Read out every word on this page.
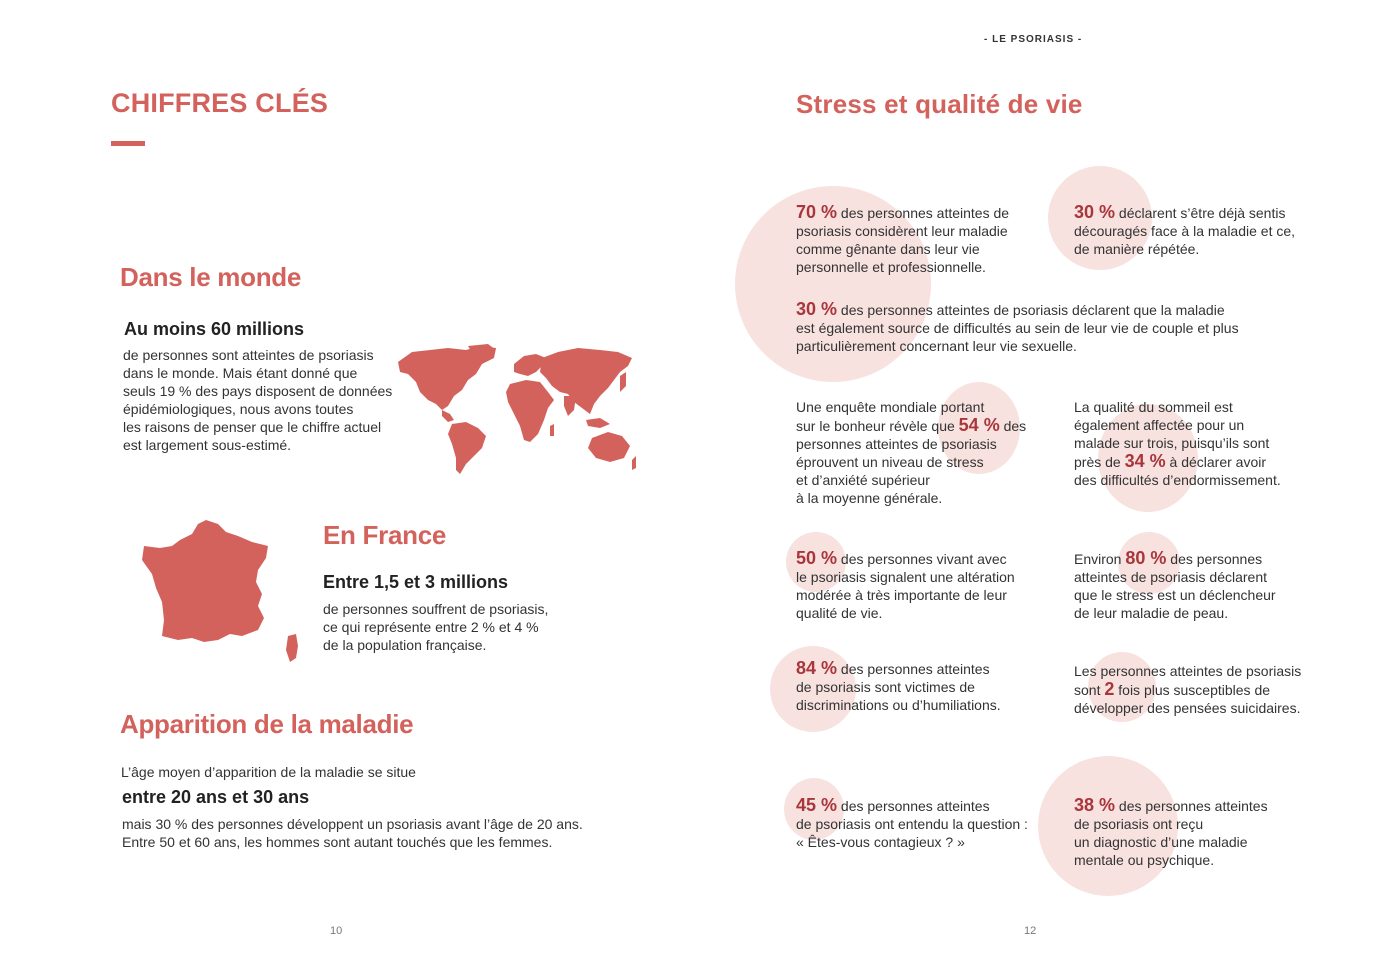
CHIFFRES CLÉS
Dans le monde
Au moins 60 millions
de personnes sont atteintes de psoriasis
dans le monde. Mais étant donné que
seuls 19 % des pays disposent de données
épidémiologiques, nous avons toutes
les raisons de penser que le chiffre actuel
est largement sous-estimé.
En France
Entre 1,5 et 3 millions
de personnes souffrent de psoriasis,
ce qui représente entre 2 % et 4 %
de la population française.
Apparition de la maladie
L’âge moyen d’apparition de la maladie se situe
entre 20 ans et 30 ans
mais 30 % des personnes développent un psoriasis avant l’âge de 20 ans.
Entre 50 et 60 ans, les hommes sont autant touchés que les femmes.
10
- LE PSORIASIS -
Stress et qualité de vie
70 % des personnes atteintes de
psoriasis considèrent leur maladie
comme gênante dans leur vie
personnelle et professionnelle.
30 % déclarent s’être déjà sentis
découragés face à la maladie et ce,
de manière répétée.
30 % des personnes atteintes de psoriasis déclarent que la maladie
est également source de difficultés au sein de leur vie de couple et plus
particulièrement concernant leur vie sexuelle.
Une enquête mondiale portant
sur le bonheur révèle que 54 % des
personnes atteintes de psoriasis
éprouvent un niveau de stress
et d’anxiété supérieur
à la moyenne générale.
La qualité du sommeil est
également affectée pour un
malade sur trois, puisqu’ils sont
près de 34 % à déclarer avoir
des difficultés d’endormissement.
50 % des personnes vivant avec
le psoriasis signalent une altération
modérée à très importante de leur
qualité de vie.
Environ 80 % des personnes
atteintes de psoriasis déclarent
que le stress est un déclencheur
de leur maladie de peau.
84 % des personnes atteintes
de psoriasis sont victimes de
discriminations ou d’humiliations.
Les personnes atteintes de psoriasis
sont 2 fois plus susceptibles de
développer des pensées suicidaires.
45 % des personnes atteintes
de psoriasis ont entendu la question :
« Êtes-vous contagieux ? »
38 % des personnes atteintes
de psoriasis ont reçu
un diagnostic d’une maladie
mentale ou psychique.
12
